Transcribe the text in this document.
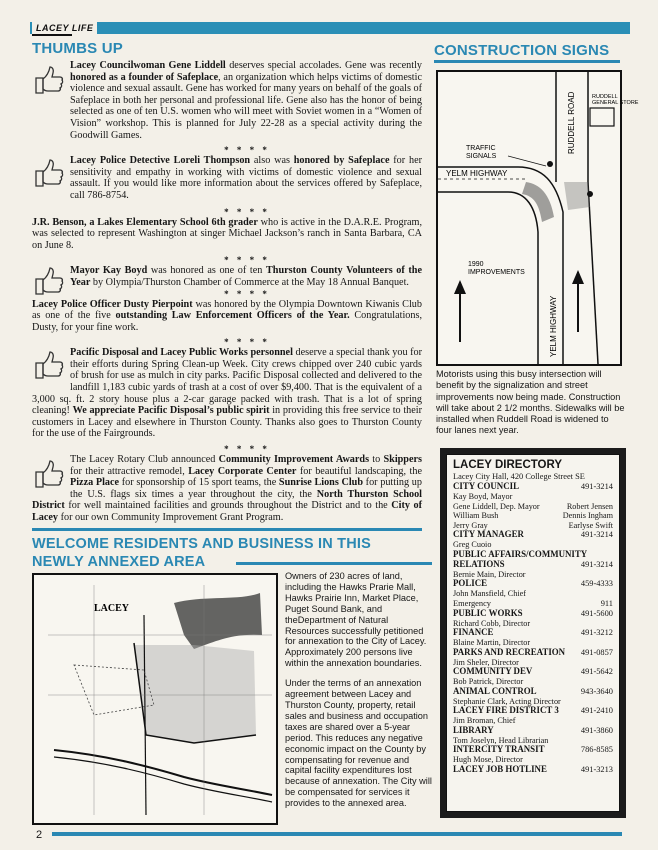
LACEY LIFE
THUMBS UP
Lacey Councilwoman Gene Liddell deserves special accolades. Gene was recently honored as a founder of Safeplace, an organization which helps victims of domestic violence and sexual assault. Gene has worked for many years on behalf of the goals of Safeplace in both her personal and professional life. Gene also has the honor of being selected as one of ten U.S. women who will meet with Soviet women in a “Women of Vision” workshop. This is planned for July 22-28 as a special activity during the Goodwill Games.
* * * *
Lacey Police Detective Loreli Thompson also was honored by Safeplace for her sensitivity and empathy in working with victims of domestic violence and sexual assault. If you would like more information about the services offered by Safeplace, call 786-8754.
* * * *
J.R. Benson, a Lakes Elementary School 6th grader who is active in the D.A.R.E. Program, was selected to represent Washington at singer Michael Jackson’s ranch in Santa Barbara, CA on June 8.
* * * *
Mayor Kay Boyd was honored as one of ten Thurston County Volunteers of the Year by Olympia/Thurston Chamber of Commerce at the May 18 Annual Banquet.
* * * *
Lacey Police Officer Dusty Pierpoint was honored by the Olympia Downtown Kiwanis Club as one of the five outstanding Law Enforcement Officers of the Year. Congratulations, Dusty, for your fine work.
* * * *
Pacific Disposal and Lacey Public Works personnel deserve a special thank you for their efforts during Spring Clean-up Week. City crews chipped over 240 cubic yards of brush for use as mulch in city parks. Pacific Disposal collected and delivered to the landfill 1,183 cubic yards of trash at a cost of over $9,400. That is the equivalent of a 3,000 sq. ft. 2 story house plus a 2-car garage packed with trash. That is a lot of spring cleaning! We appreciate Pacific Disposal’s public spirit in providing this free service to their customers in Lacey and elsewhere in Thurston County. Thanks also goes to Thurston County for the use of the Fairgrounds.
* * * *
The Lacey Rotary Club announced Community Improvement Awards to Skippers for their attractive remodel, Lacey Corporate Center for beautiful landscaping, the Pizza Place for sponsorship of 15 sport teams, the Sunrise Lions Club for putting up the U.S. flags six times a year throughout the city, the North Thurston School District for well maintained facilities and grounds throughout the District and to the City of Lacey for our own Community Improvement Grant Program.
CONSTRUCTION SIGNS
RUDDELL ROAD	RUDDELL
GENERAL STORE
TRAFFIC
SIGNALS
YELM HIGHWAY
YELM HIGHWAY
1990
IMPROVEMENTS
Motorists using this busy intersection will benefit by the signalization and street improvements now being made. Construction will take about 2 1/2 months. Sidewalks will be installed when Ruddell Road is widened to four lanes next year.
LACEY DIRECTORY
Lacey City Hall, 420 College Street SE
CITY COUNCIL	491-3214
Kay Boyd, Mayor
Gene Liddell, Dep. Mayor	Robert Jensen
William Bush	Dennis Ingham
Jerry Gray	Earlyse Swift
CITY MANAGER	491-3214
Greg Cuoio
PUBLIC AFFAIRS/COMMUNITY
RELATIONS	491-3214
Bernie Main, Director
POLICE	459-4333
John Mansfield, Chief
Emergency	911
PUBLIC WORKS	491-5600
Richard Cobb, Director
FINANCE	491-3212
Blaine Martin, Director
PARKS AND RECREATION 491-0857
Jim Sheler, Director
COMMUNITY DEV	491-5642
Bob Patrick, Director
ANIMAL CONTROL	943-3640
Stephanie Clark, Acting Director
LACEY FIRE DISTRICT 3	491-2410
Jim Broman, Chief
LIBRARY	491-3860
Tom Joselyn, Head Librarian
INTERCITY TRANSIT	786-8585
Hugh Mose, Director
LACEY JOB HOTLINE	491-3213
WELCOME RESIDENTS AND BUSINESS IN THIS
NEWLY ANNEXED AREA
LACEY

Owners of 230 acres of land, including the Hawks Prarie Mall, Hawks Prairie Inn, Market Place, Puget Sound Bank, and theDepartment of Natural Resources successfully petitioned for annexation to the City of Lacey. Approximately 200 persons live within the annexation boundaries.

Under the terms of an annexation agreement between Lacey and Thurston County, property, retail sales and business and occupation taxes are shared over a 5-year period. This reduces any negative economic impact on the County by compensating for revenue and capital facility expenditures lost because of annexation. The City will be compensated for services it provides to the annexed area.

2
